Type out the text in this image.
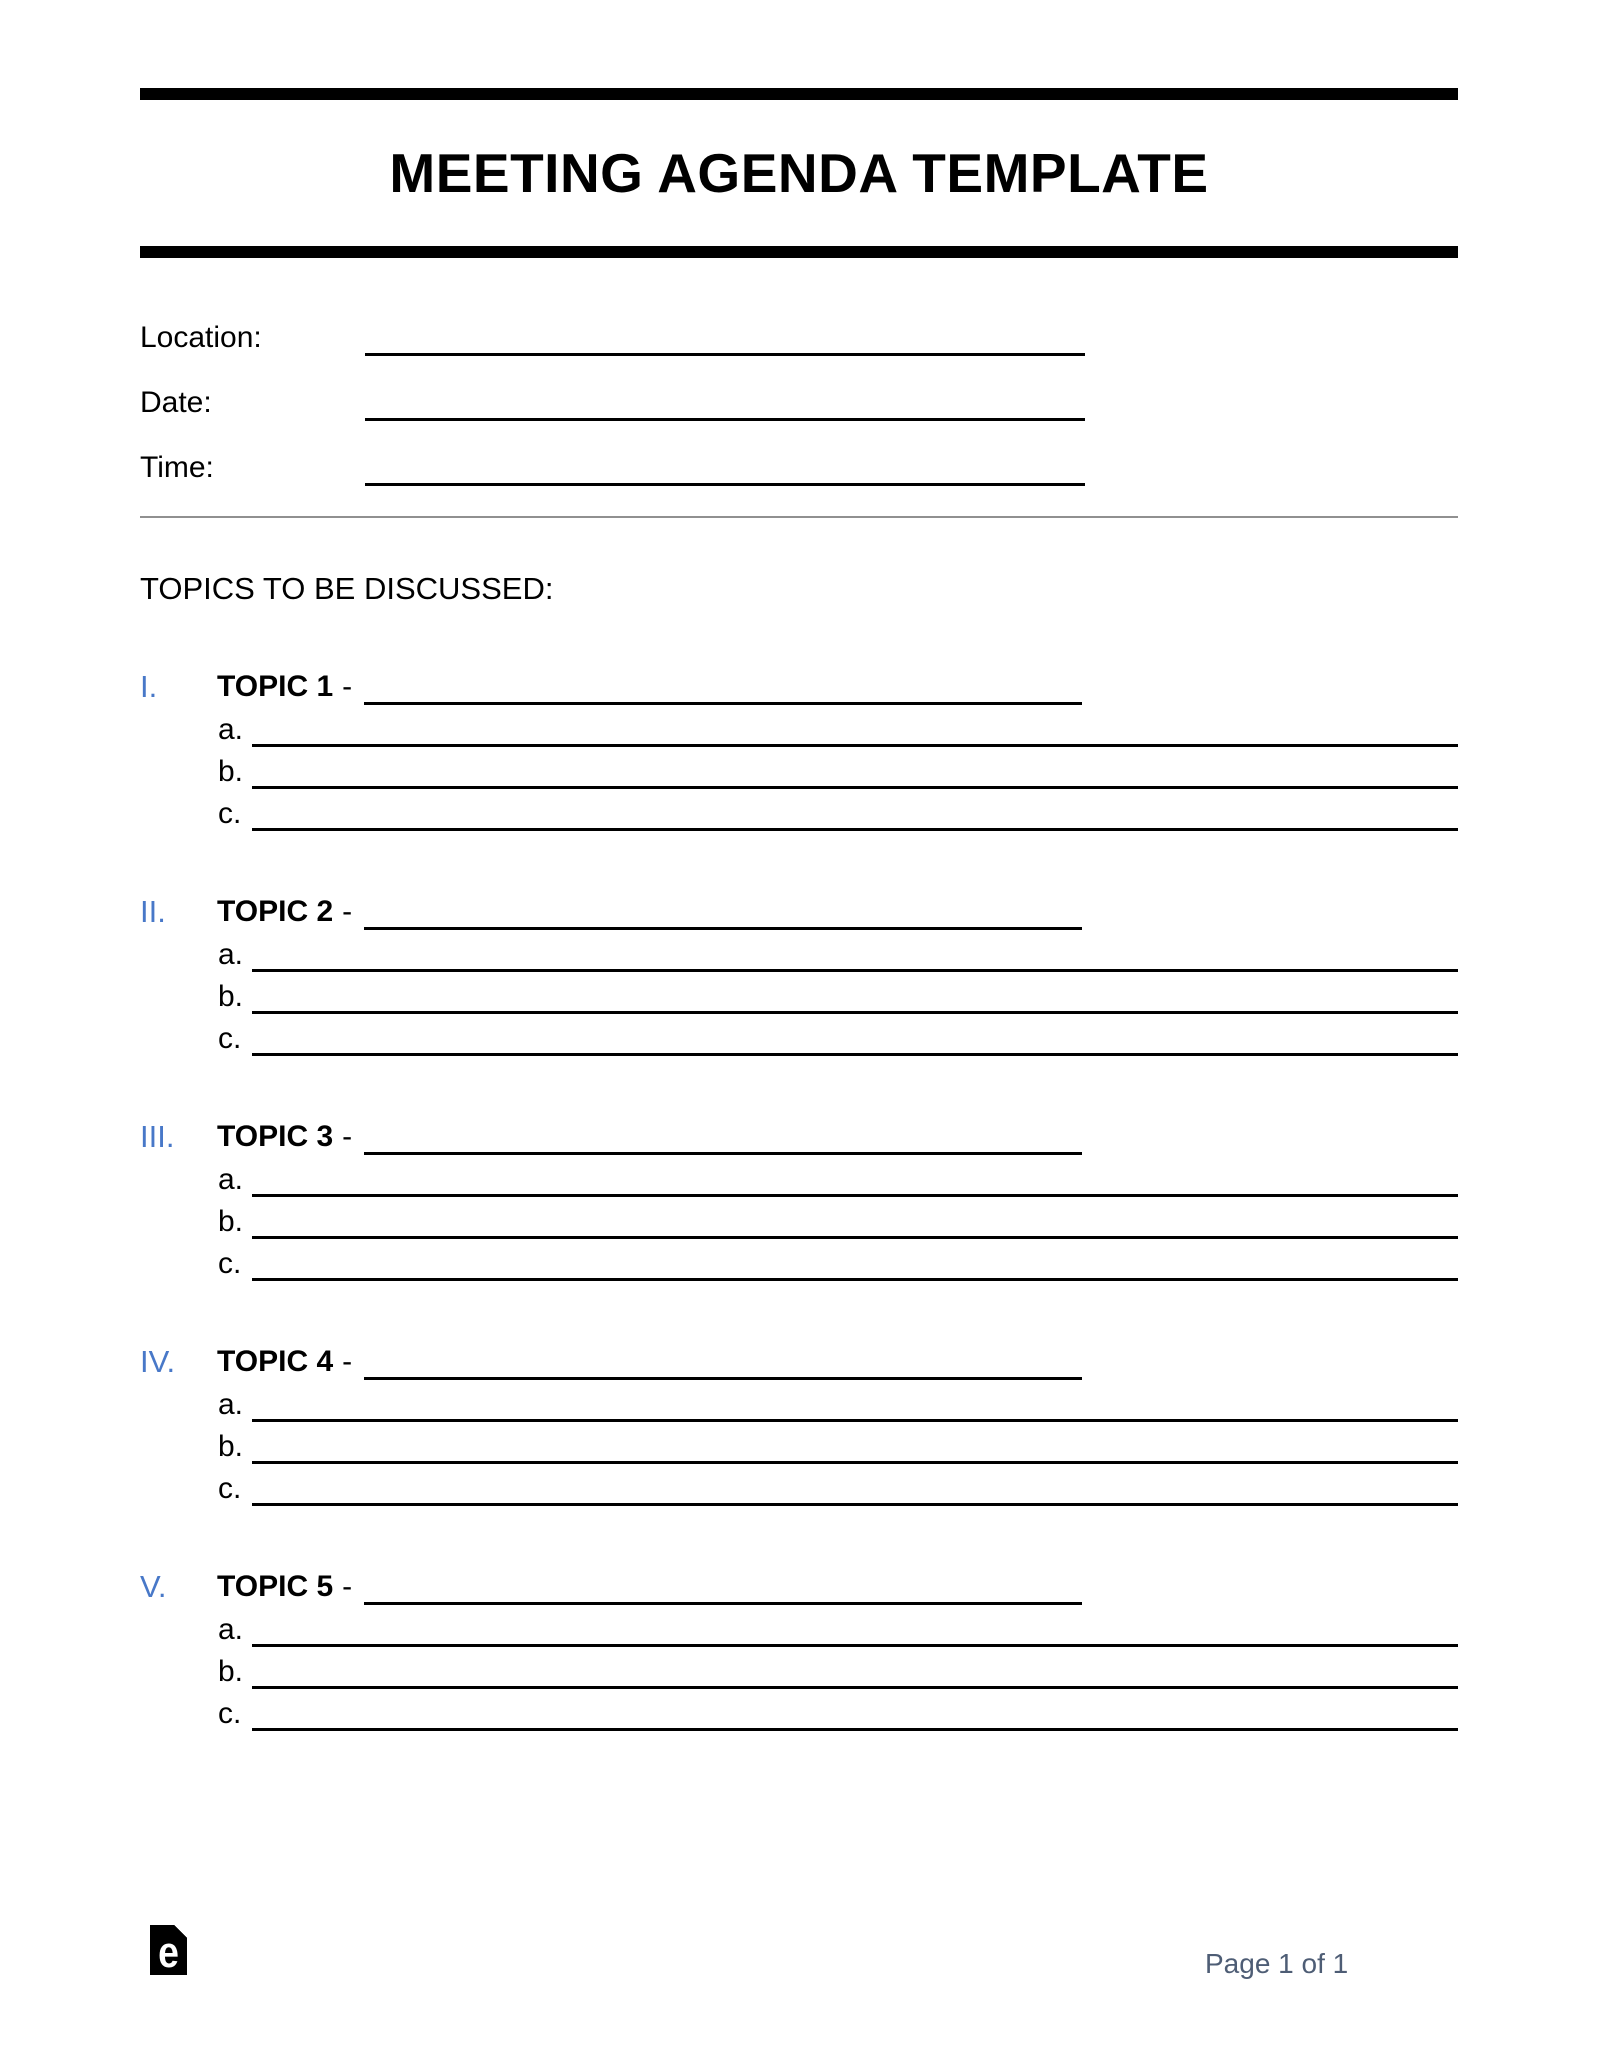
MEETING AGENDA TEMPLATE
Location:
Date:
Time:
TOPICS TO BE DISCUSSED:
I.	TOPIC 1 -
a.
b.
c.
II.	TOPIC 2 -
a.
b.
c.
III.	TOPIC 3 -
a.
b.
c.
IV.	TOPIC 4 -
a.
b.
c.
V.	TOPIC 5 -
a.
b.
c.
e	Page 1 of 1
